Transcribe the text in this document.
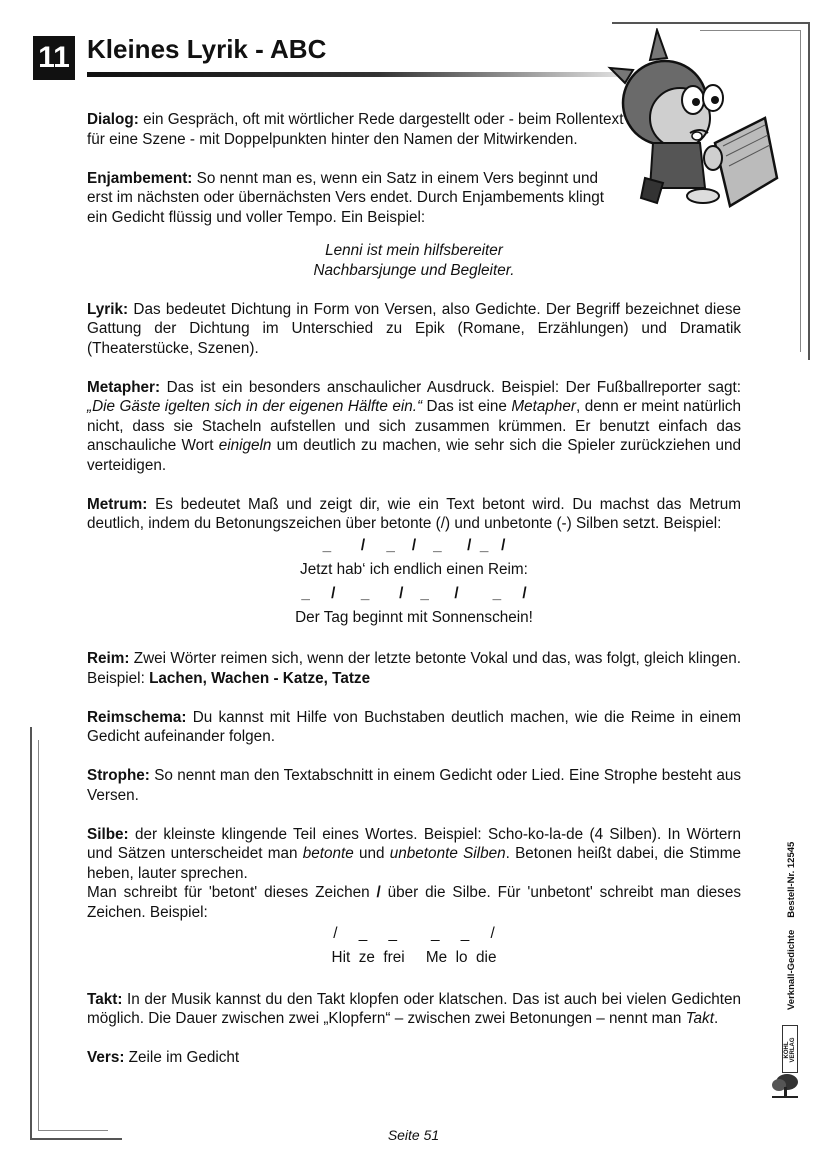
11 Kleines Lyrik - ABC

Dialog: ein Gespräch, oft mit wörtlicher Rede dargestellt oder - beim Rollentext für eine Szene - mit Doppelpunkten hinter den Namen der Mitwirkenden.

Enjambement: So nennt man es, wenn ein Satz in einem Vers beginnt und erst im nächsten oder übernächsten Vers endet. Durch Enjambements klingt ein Gedicht flüssig und voller Tempo. Ein Beispiel:

Lenni ist mein hilfsbereiter
Nachbarsjunge und Begleiter.

Lyrik: Das bedeutet Dichtung in Form von Versen, also Gedichte. Der Begriff bezeichnet diese Gattung der Dichtung im Unterschied zu Epik (Romane, Erzählungen) und Dramatik (Theaterstücke, Szenen).

Metapher: Das ist ein besonders anschaulicher Ausdruck. Beispiel: Der Fußballreporter sagt: „Die Gäste igelten sich in der eigenen Hälfte ein.“ Das ist eine Metapher, denn er meint natürlich nicht, dass sie Stacheln aufstellen und sich zusammen krümmen. Er benutzt einfach das anschauliche Wort einigeln um deutlich zu machen, wie sehr sich die Spieler zurückziehen und verteidigen.

Metrum: Es bedeutet Maß und zeigt dir, wie ein Text betont wird. Du machst das Metrum deutlich, indem du Betonungszeichen über betonte (/) und unbetonte (-) Silben setzt. Beispiel:

_       /     _    /    _      /  _   /
Jetzt hab‘ ich endlich einen Reim:
_     /      _       /    _      /        _     /
Der Tag beginnt mit Sonnenschein!

Reim: Zwei Wörter reimen sich, wenn der letzte betonte Vokal und das, was folgt, gleich klingen. Beispiel: Lachen, Wachen - Katze, Tatze

Reimschema: Du kannst mit Hilfe von Buchstaben deutlich machen, wie die Reime in einem Gedicht aufeinander folgen.

Strophe: So nennt man den Textabschnitt in einem Gedicht oder Lied. Eine Strophe besteht aus Versen.

Silbe: der kleinste klingende Teil eines Wortes. Beispiel: Scho-ko-la-de (4 Silben). In Wörtern und Sätzen unterscheidet man betonte und unbetonte Silben. Betonen heißt dabei, die Stimme heben, lauter sprechen.
Man schreibt für 'betont' dieses Zeichen / über die Silbe. Für 'unbetont' schreibt man dieses Zeichen. Beispiel:

/     _     _        _     _     /
Hit  ze  frei     Me  lo  die

Takt: In der Musik kannst du den Takt klopfen oder klatschen. Das ist auch bei vielen Gedichten möglich. Die Dauer zwischen zwei „Klopfern“ – zwischen zwei Betonungen – nennt man Takt.

Vers: Zeile im Gedicht

Verknall-GedichteBestell-Nr. 12545
KOHL VERLAG
Seite 51
